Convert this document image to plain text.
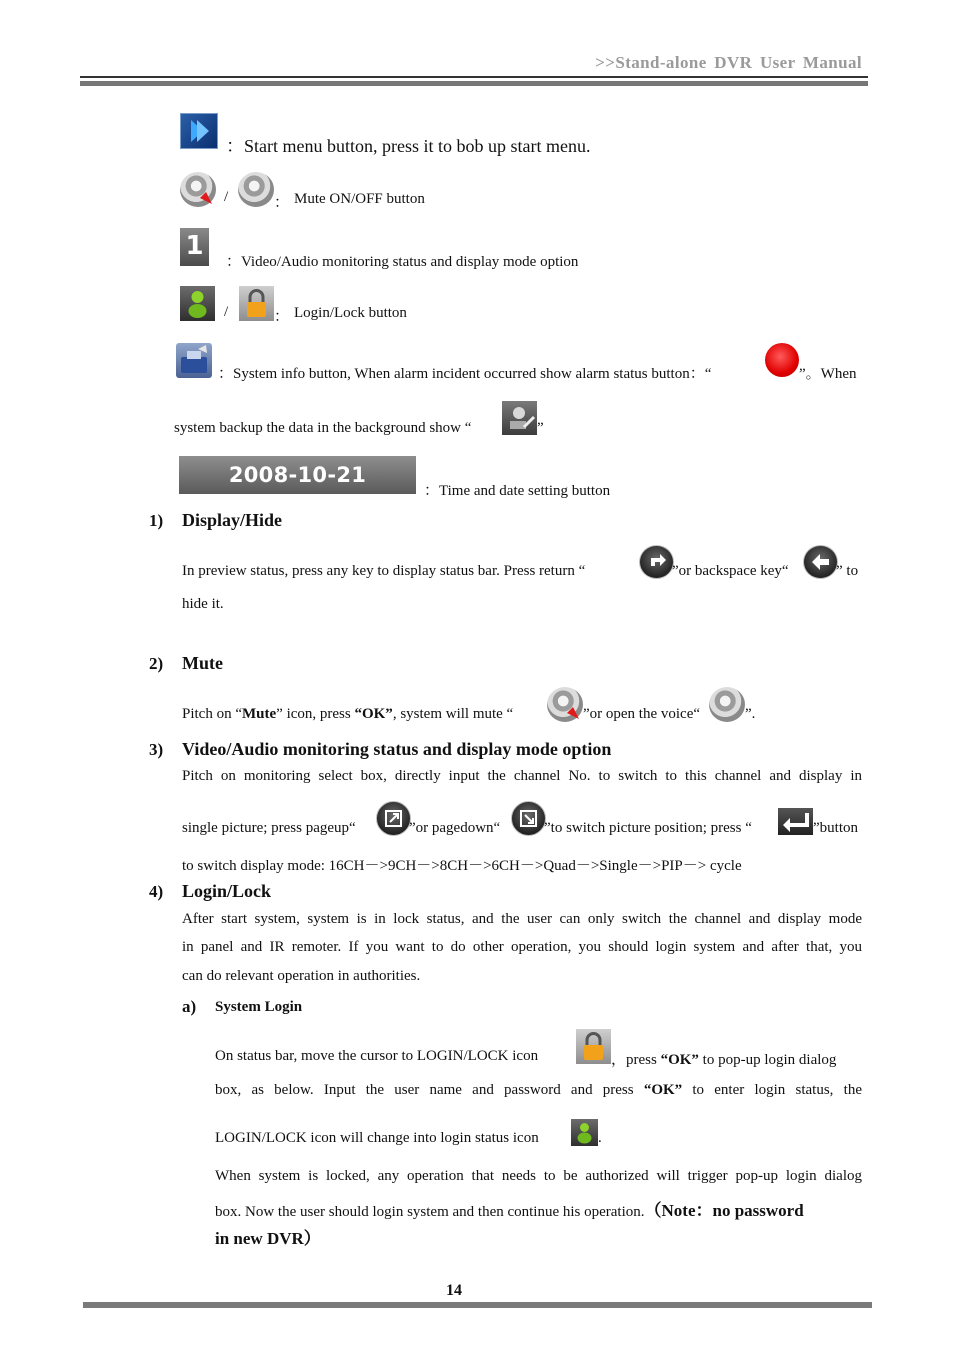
>>Stand-alone DVR User Manual
：Start menu button, press it to bob up start menu.
/	： Mute ON/OFF button
1
：Video/Audio monitoring status and display mode option
/	： Login/Lock button
：System info button, When alarm incident occurred show alarm status button：“	”。When
system backup the data in the background show “	”
2008-10-21 12:10:17
：Time and date setting button
1) Display/Hide
In preview status, press any key to display status bar. Press return “	”or backspace key“	” to
hide it.
2) Mute
Pitch on “Mute” icon, press “OK”, system will mute “	”or open the voice“	”.
3) Video/Audio monitoring status and display mode option
Pitch on monitoring select box, directly input the channel No. to switch to this channel and display in
single picture; press pageup“	”or pagedown“	”to switch picture position; press “	”button
to switch display mode: 16CH－>9CH－>8CH－>6CH－>Quad－>Single－>PIP－> cycle
4) Login/Lock
After start system, system is in lock status, and the user can only switch the channel and display mode
in panel and IR remoter. If you want to do other operation, you should login system and after that, you
can do relevant operation in authorities.
a) System Login
On status bar, move the cursor to LOGIN/LOCK icon	，press “OK” to pop-up login dialog
box, as below. Input the user name and password and press “OK” to enter login status, the
LOGIN/LOCK icon will change into login status icon	.
When system is locked, any operation that needs to be authorized will trigger pop-up login dialog
box. Now the user should login system and then continue his operation.（Note：no password
in new DVR）
14
